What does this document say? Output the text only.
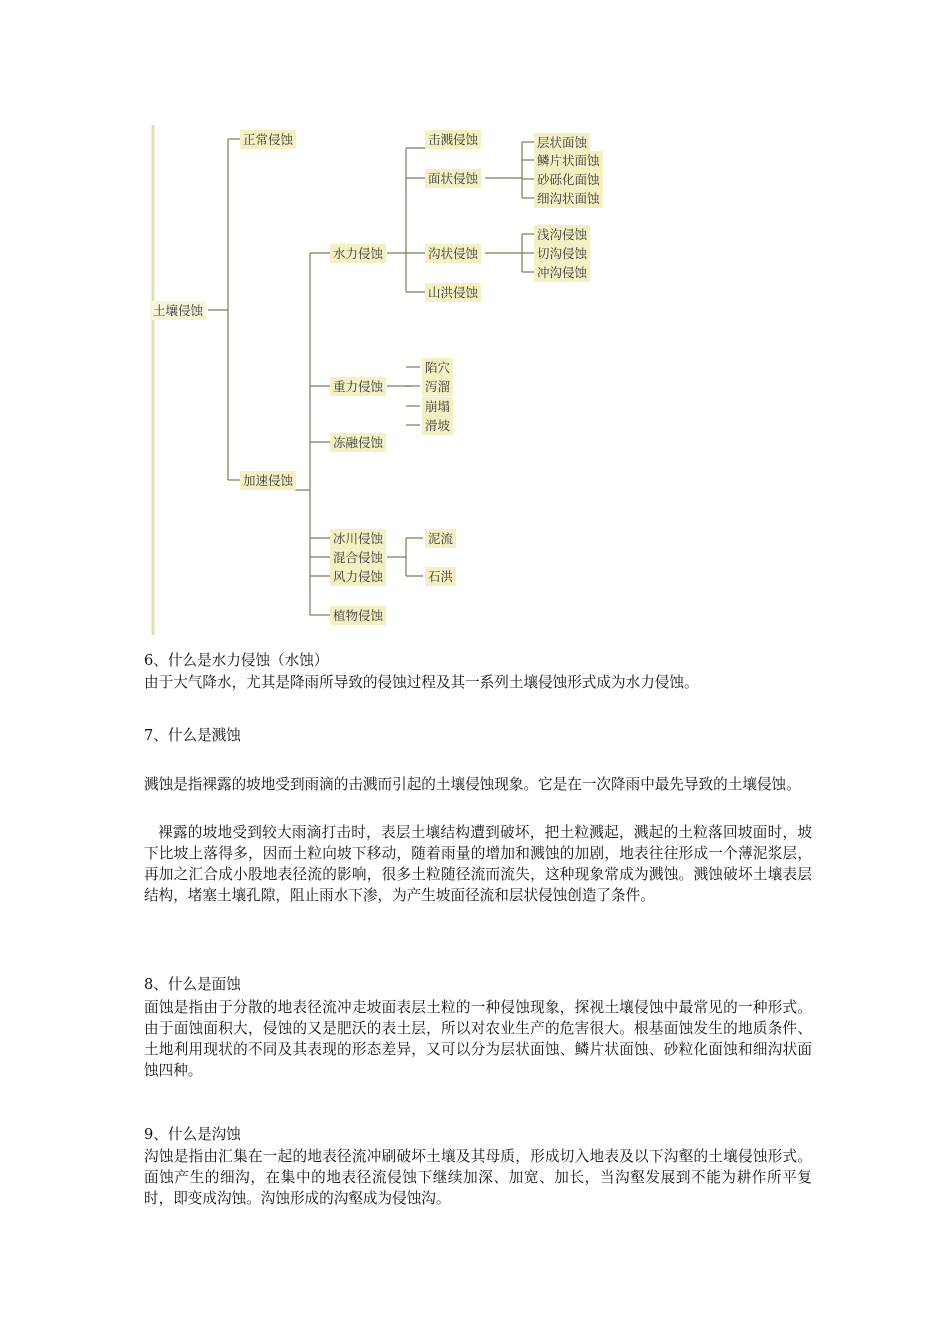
土壤侵蚀
正常侵蚀
加速侵蚀
水力侵蚀
重力侵蚀
冻融侵蚀
冰川侵蚀
混合侵蚀
风力侵蚀
植物侵蚀
击溅侵蚀
面状侵蚀
沟状侵蚀
山洪侵蚀
层状面蚀
鳞片状面蚀
砂砾化面蚀
细沟状面蚀
浅沟侵蚀
切沟侵蚀
冲沟侵蚀
陷穴
泻溜
崩塌
滑坡
泥流
石洪

6、什么是水力侵蚀（水蚀）

由于大气降水，尤其是降雨所导致的侵蚀过程及其一系列土壤侵蚀形式成为水力侵蚀。

7、什么是溅蚀

溅蚀是指裸露的坡地受到雨滴的击溅而引起的土壤侵蚀现象。它是在一次降雨中最先导致的土壤侵蚀。

裸露的坡地受到较大雨滴打击时，表层土壤结构遭到破坏，把土粒溅起，溅起的土粒落回坡面时，坡下比坡上落得多，因而土粒向坡下移动，随着雨量的增加和溅蚀的加剧，地表往往形成一个薄泥浆层，再加之汇合成小股地表径流的影响，很多土粒随径流而流失，这种现象常成为溅蚀。溅蚀破坏土壤表层结构，堵塞土壤孔隙，阻止雨水下渗，为产生坡面径流和层状侵蚀创造了条件。

8、什么是面蚀

面蚀是指由于分散的地表径流冲走坡面表层土粒的一种侵蚀现象，探视土壤侵蚀中最常见的一种形式。由于面蚀面积大，侵蚀的又是肥沃的表土层，所以对农业生产的危害很大。根基面蚀发生的地质条件、土地利用现状的不同及其表现的形态差异，又可以分为层状面蚀、鳞片状面蚀、砂粒化面蚀和细沟状面蚀四种。

9、什么是沟蚀

沟蚀是指由汇集在一起的地表径流冲刷破坏土壤及其母质，形成切入地表及以下沟壑的土壤侵蚀形式。面蚀产生的细沟，在集中的地表径流侵蚀下继续加深、加宽、加长，当沟壑发展到不能为耕作所平复时，即变成沟蚀。沟蚀形成的沟壑成为侵蚀沟。
